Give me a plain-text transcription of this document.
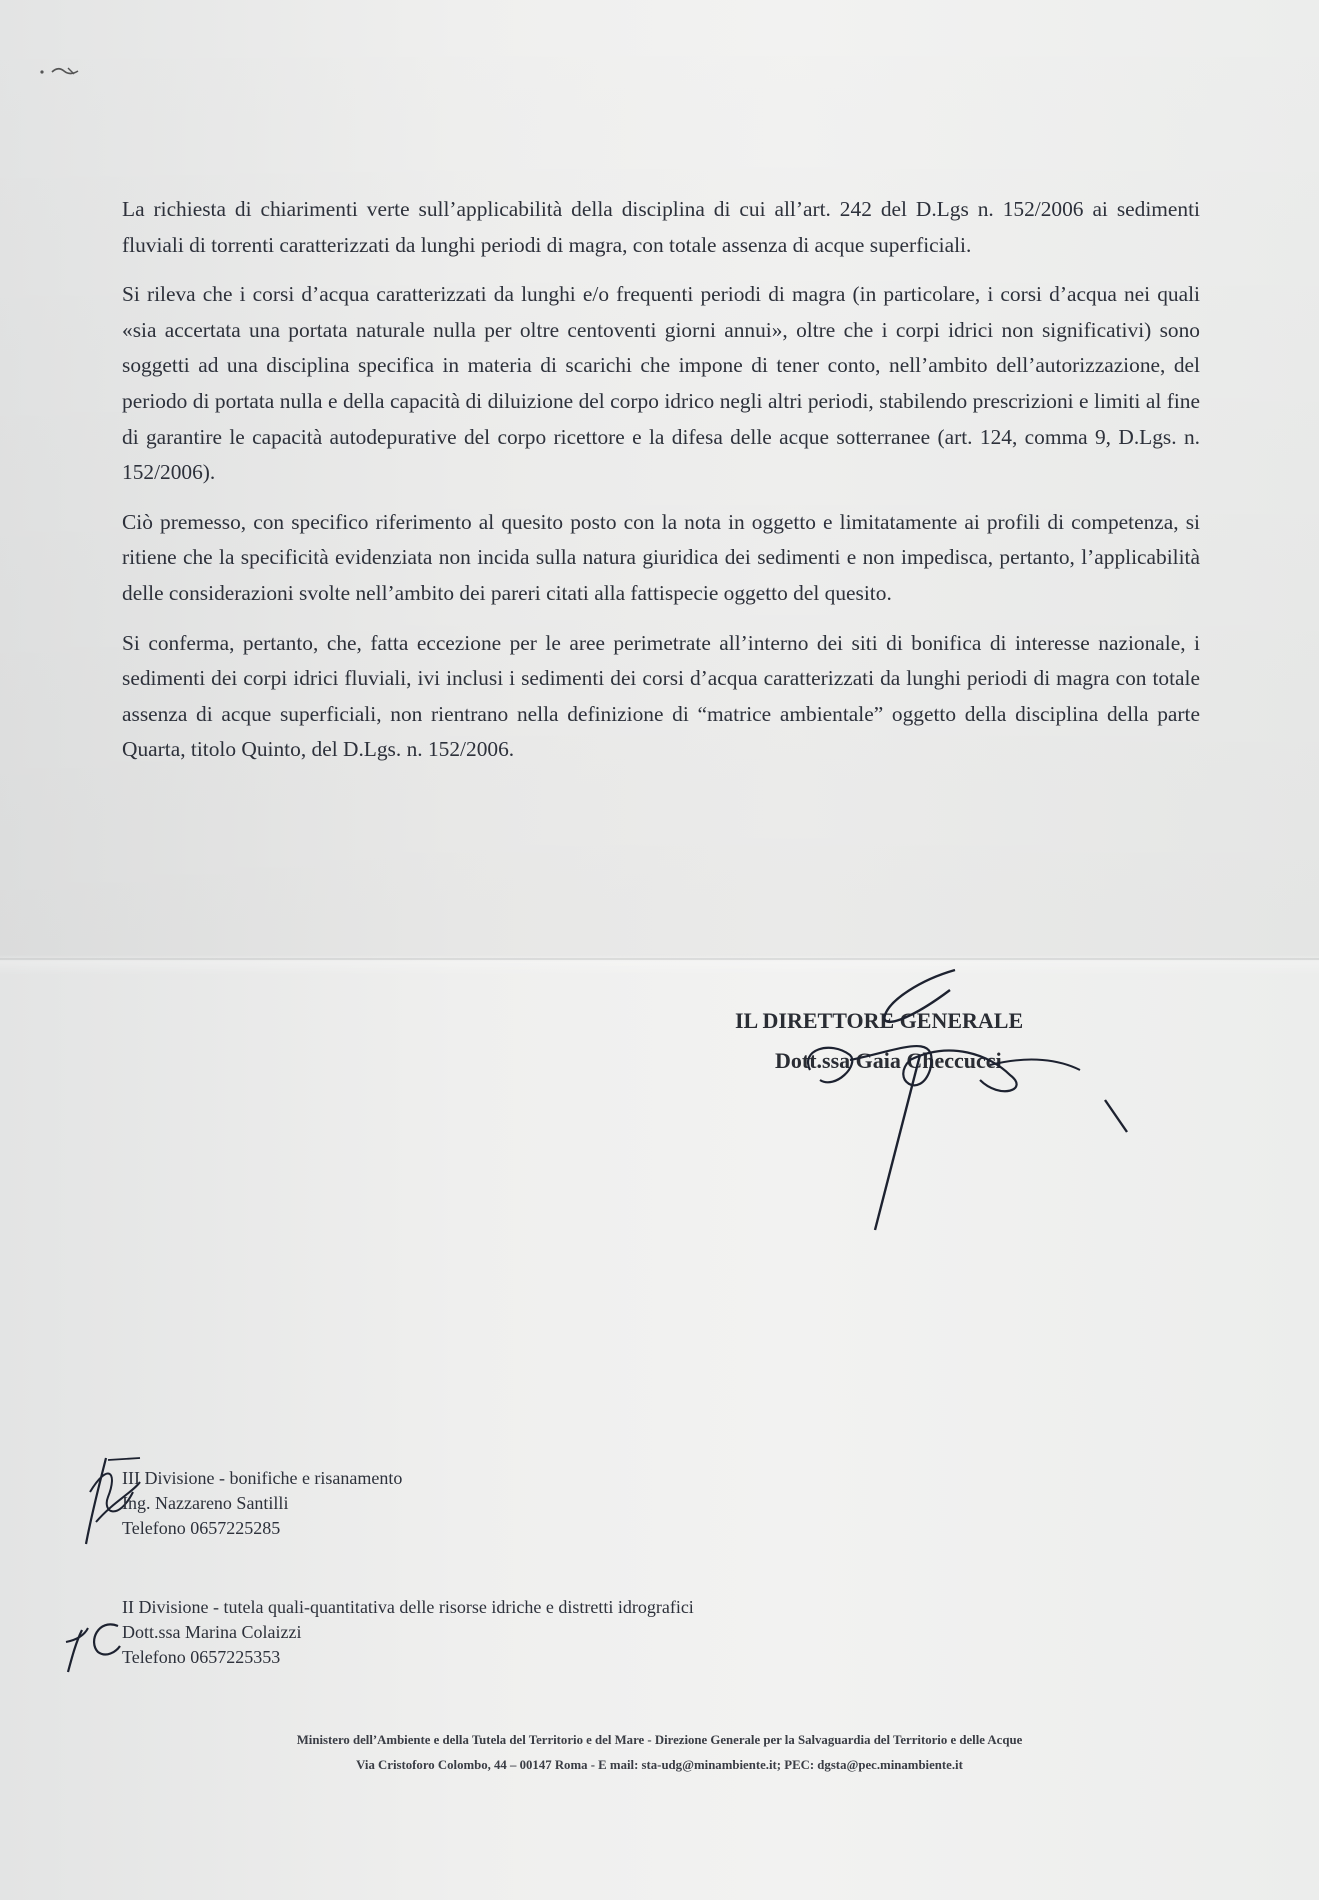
La richiesta di chiarimenti verte sull’applicabilità della disciplina di cui all’art. 242 del D.Lgs n. 152/2006 ai sedimenti fluviali di torrenti caratterizzati da lunghi periodi di magra, con totale assenza di acque superficiali.

Si rileva che i corsi d’acqua caratterizzati da lunghi e/o frequenti periodi di magra (in particolare, i corsi d’acqua nei quali «sia accertata una portata naturale nulla per oltre centoventi giorni annui», oltre che i corpi idrici non significativi) sono soggetti ad una disciplina specifica in materia di scarichi che impone di tener conto, nell’ambito dell’autorizzazione, del periodo di portata nulla e della capacità di diluizione del corpo idrico negli altri periodi, stabilendo prescrizioni e limiti al fine di garantire le capacità autodepurative del corpo ricettore e la difesa delle acque sotterranee (art. 124, comma 9, D.Lgs. n. 152/2006).

Ciò premesso, con specifico riferimento al quesito posto con la nota in oggetto e limitatamente ai profili di competenza, si ritiene che la specificità evidenziata non incida sulla natura giuridica dei sedimenti e non impedisca, pertanto, l’applicabilità delle considerazioni svolte nell’ambito dei pareri citati alla fattispecie oggetto del quesito.

Si conferma, pertanto, che, fatta eccezione per le aree perimetrate all’interno dei siti di bonifica di interesse nazionale, i sedimenti dei corpi idrici fluviali, ivi inclusi i sedimenti dei corsi d’acqua caratterizzati da lunghi periodi di magra con totale assenza di acque superficiali, non rientrano nella definizione di “matrice ambientale” oggetto della disciplina della parte Quarta, titolo Quinto, del D.Lgs. n. 152/2006.

IL DIRETTORE GENERALE
Dott.ssa Gaia Checcucci
III Divisione - bonifiche e risanamento
Ing. Nazzareno Santilli
Telefono 0657225285
II Divisione - tutela quali-quantitativa delle risorse idriche e distretti idrografici
Dott.ssa Marina Colaizzi
Telefono 0657225353
Ministero dell’Ambiente e della Tutela del Territorio e del Mare - Direzione Generale per la Salvaguardia del Territorio e delle Acque
Via Cristoforo Colombo, 44 – 00147 Roma - E mail: sta-udg@minambiente.it; PEC: dgsta@pec.minambiente.it
